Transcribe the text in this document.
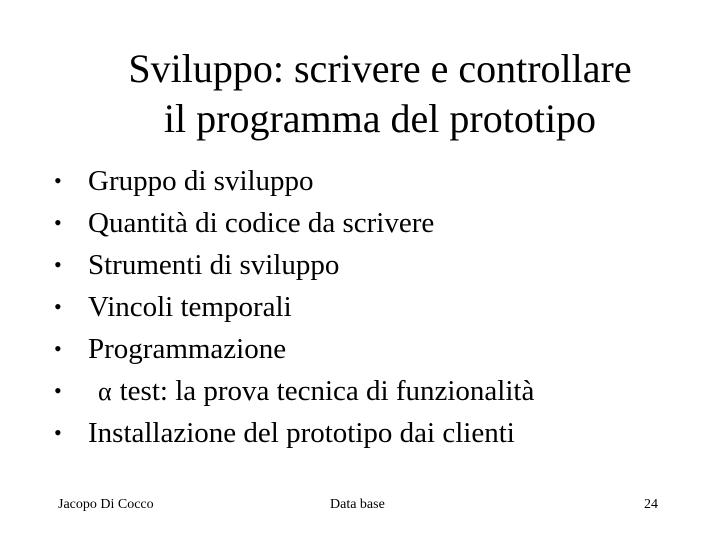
Sviluppo: scrivere e controllare
il programma del prototipo
• Gruppo di sviluppo
• Quantità di codice da scrivere
• Strumenti di sviluppo
• Vincoli temporali
• Programmazione
• α test: la prova tecnica di funzionalità
• Installazione del prototipo dai clienti
Jacopo Di Cocco	Data base	24
